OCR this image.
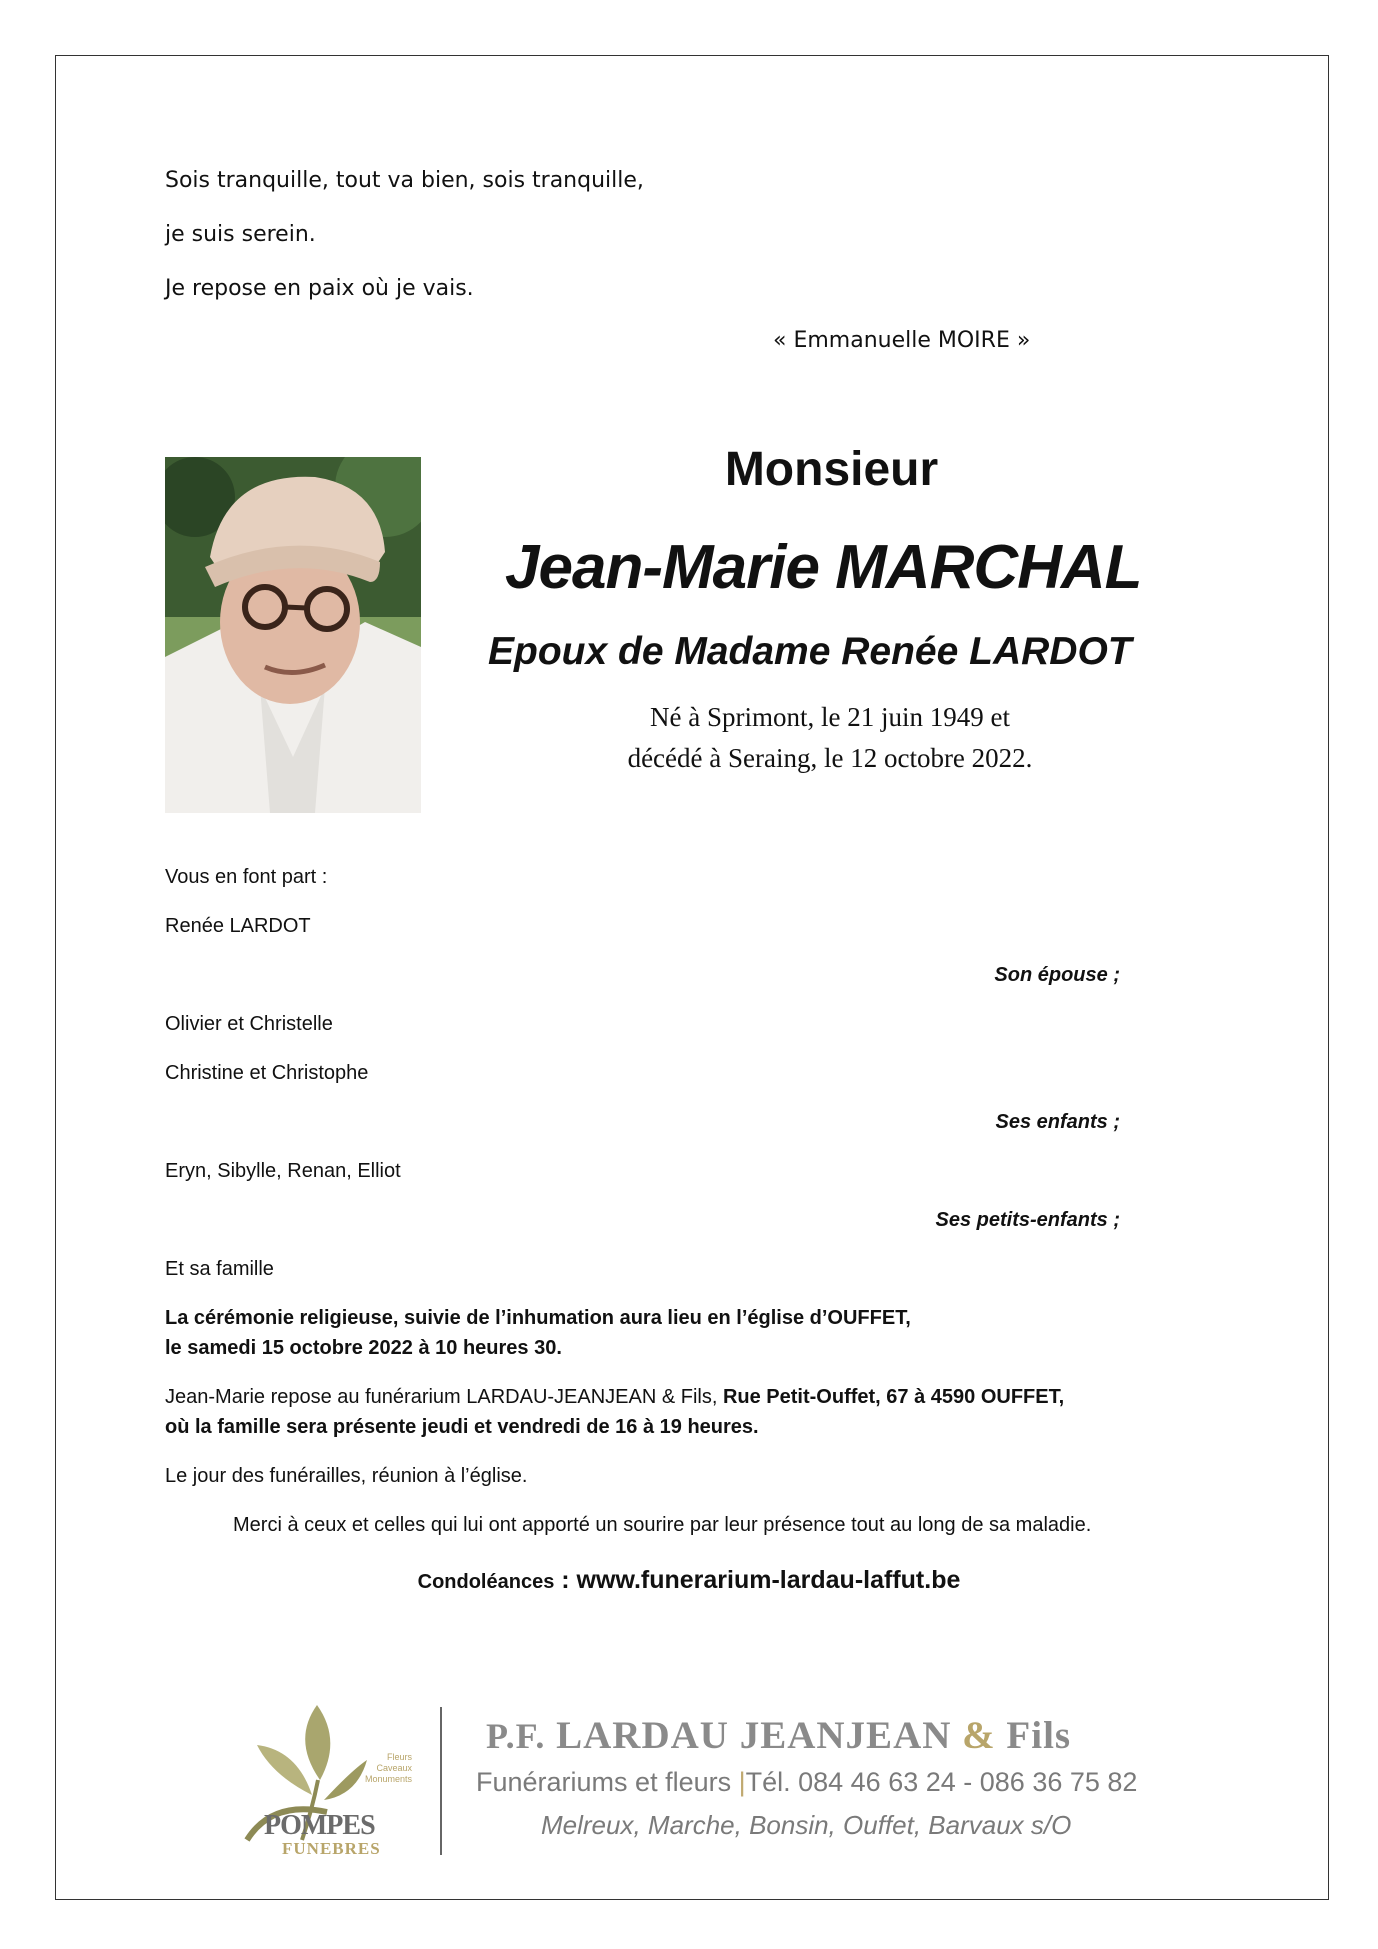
Sois tranquille, tout va bien, sois tranquille,
je suis serein.
Je repose en paix où je vais.
« Emmanuelle MOIRE »
Monsieur
Jean-Marie MARCHAL
Epoux de Madame Renée LARDOT
Né à Sprimont, le 21 juin 1949 et
décédé à Seraing, le 12 octobre 2022.
Vous en font part :
Renée LARDOT
Son épouse ;
Olivier et Christelle
Christine et Christophe
Ses enfants ;
Eryn, Sibylle, Renan, Elliot
Ses petits-enfants ;
Et sa famille
La cérémonie religieuse, suivie de l’inhumation aura lieu en l’église d’OUFFET,
le samedi 15 octobre 2022 à 10 heures 30.
Jean-Marie repose au funérarium LARDAU-JEANJEAN & Fils, Rue Petit-Ouffet, 67 à 4590 OUFFET,
où la famille sera présente jeudi et vendredi de 16 à 19 heures.
Le jour des funérailles, réunion à l’église.
Merci à ceux et celles qui lui ont apporté un sourire par leur présence tout au long de sa maladie.
Condoléances : www.funerarium-lardau-laffut.be
Fleurs
Caveaux
Monuments
POMPES
FUNEBRES
P.F. LARDAU JEANJEAN & Fils
Funérariums et fleurs |Tél. 084 46 63 24 - 086 36 75 82
Melreux, Marche, Bonsin, Ouffet, Barvaux s/O
